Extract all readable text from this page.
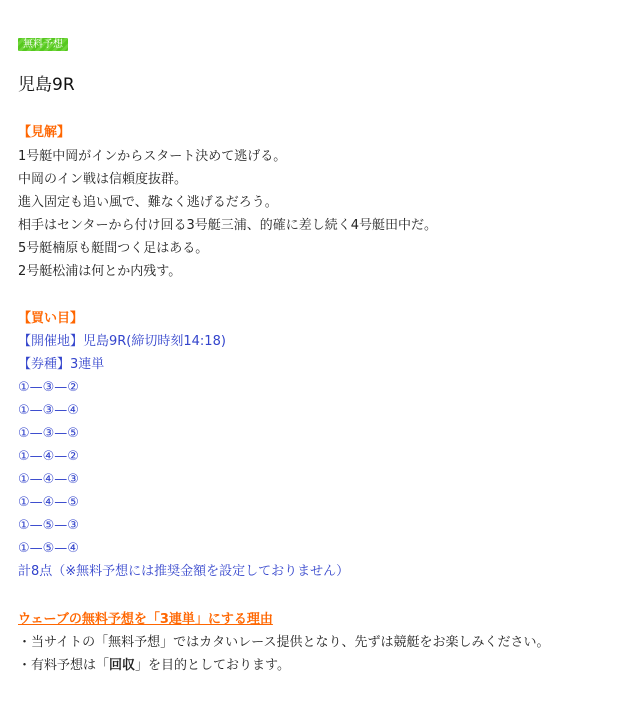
無料予想
児島9R
【見解】
1号艇中岡がインからスタート決めて逃げる。
中岡のイン戦は信頼度抜群。
進入固定も追い風で、難なく逃げるだろう。
相手はセンターから付け回る3号艇三浦、的確に差し続く4号艇田中だ。
5号艇楠原も艇間つく足はある。
2号艇松浦は何とか内残す。
【買い目】
【開催地】児島9R(締切時刻14:18)
【券種】3連単
①—③—②
①—③—④
①—③—⑤
①—④—②
①—④—③
①—④—⑤
①—⑤—③
①—⑤—④
計8点（※無料予想には推奨金額を設定しておりません）
ウェーブの無料予想を「3連単」にする理由
・当サイトの「無料予想」ではカタいレース提供となり、先ずは競艇をお楽しみください。
・有料予想は「回収」を目的としております。
